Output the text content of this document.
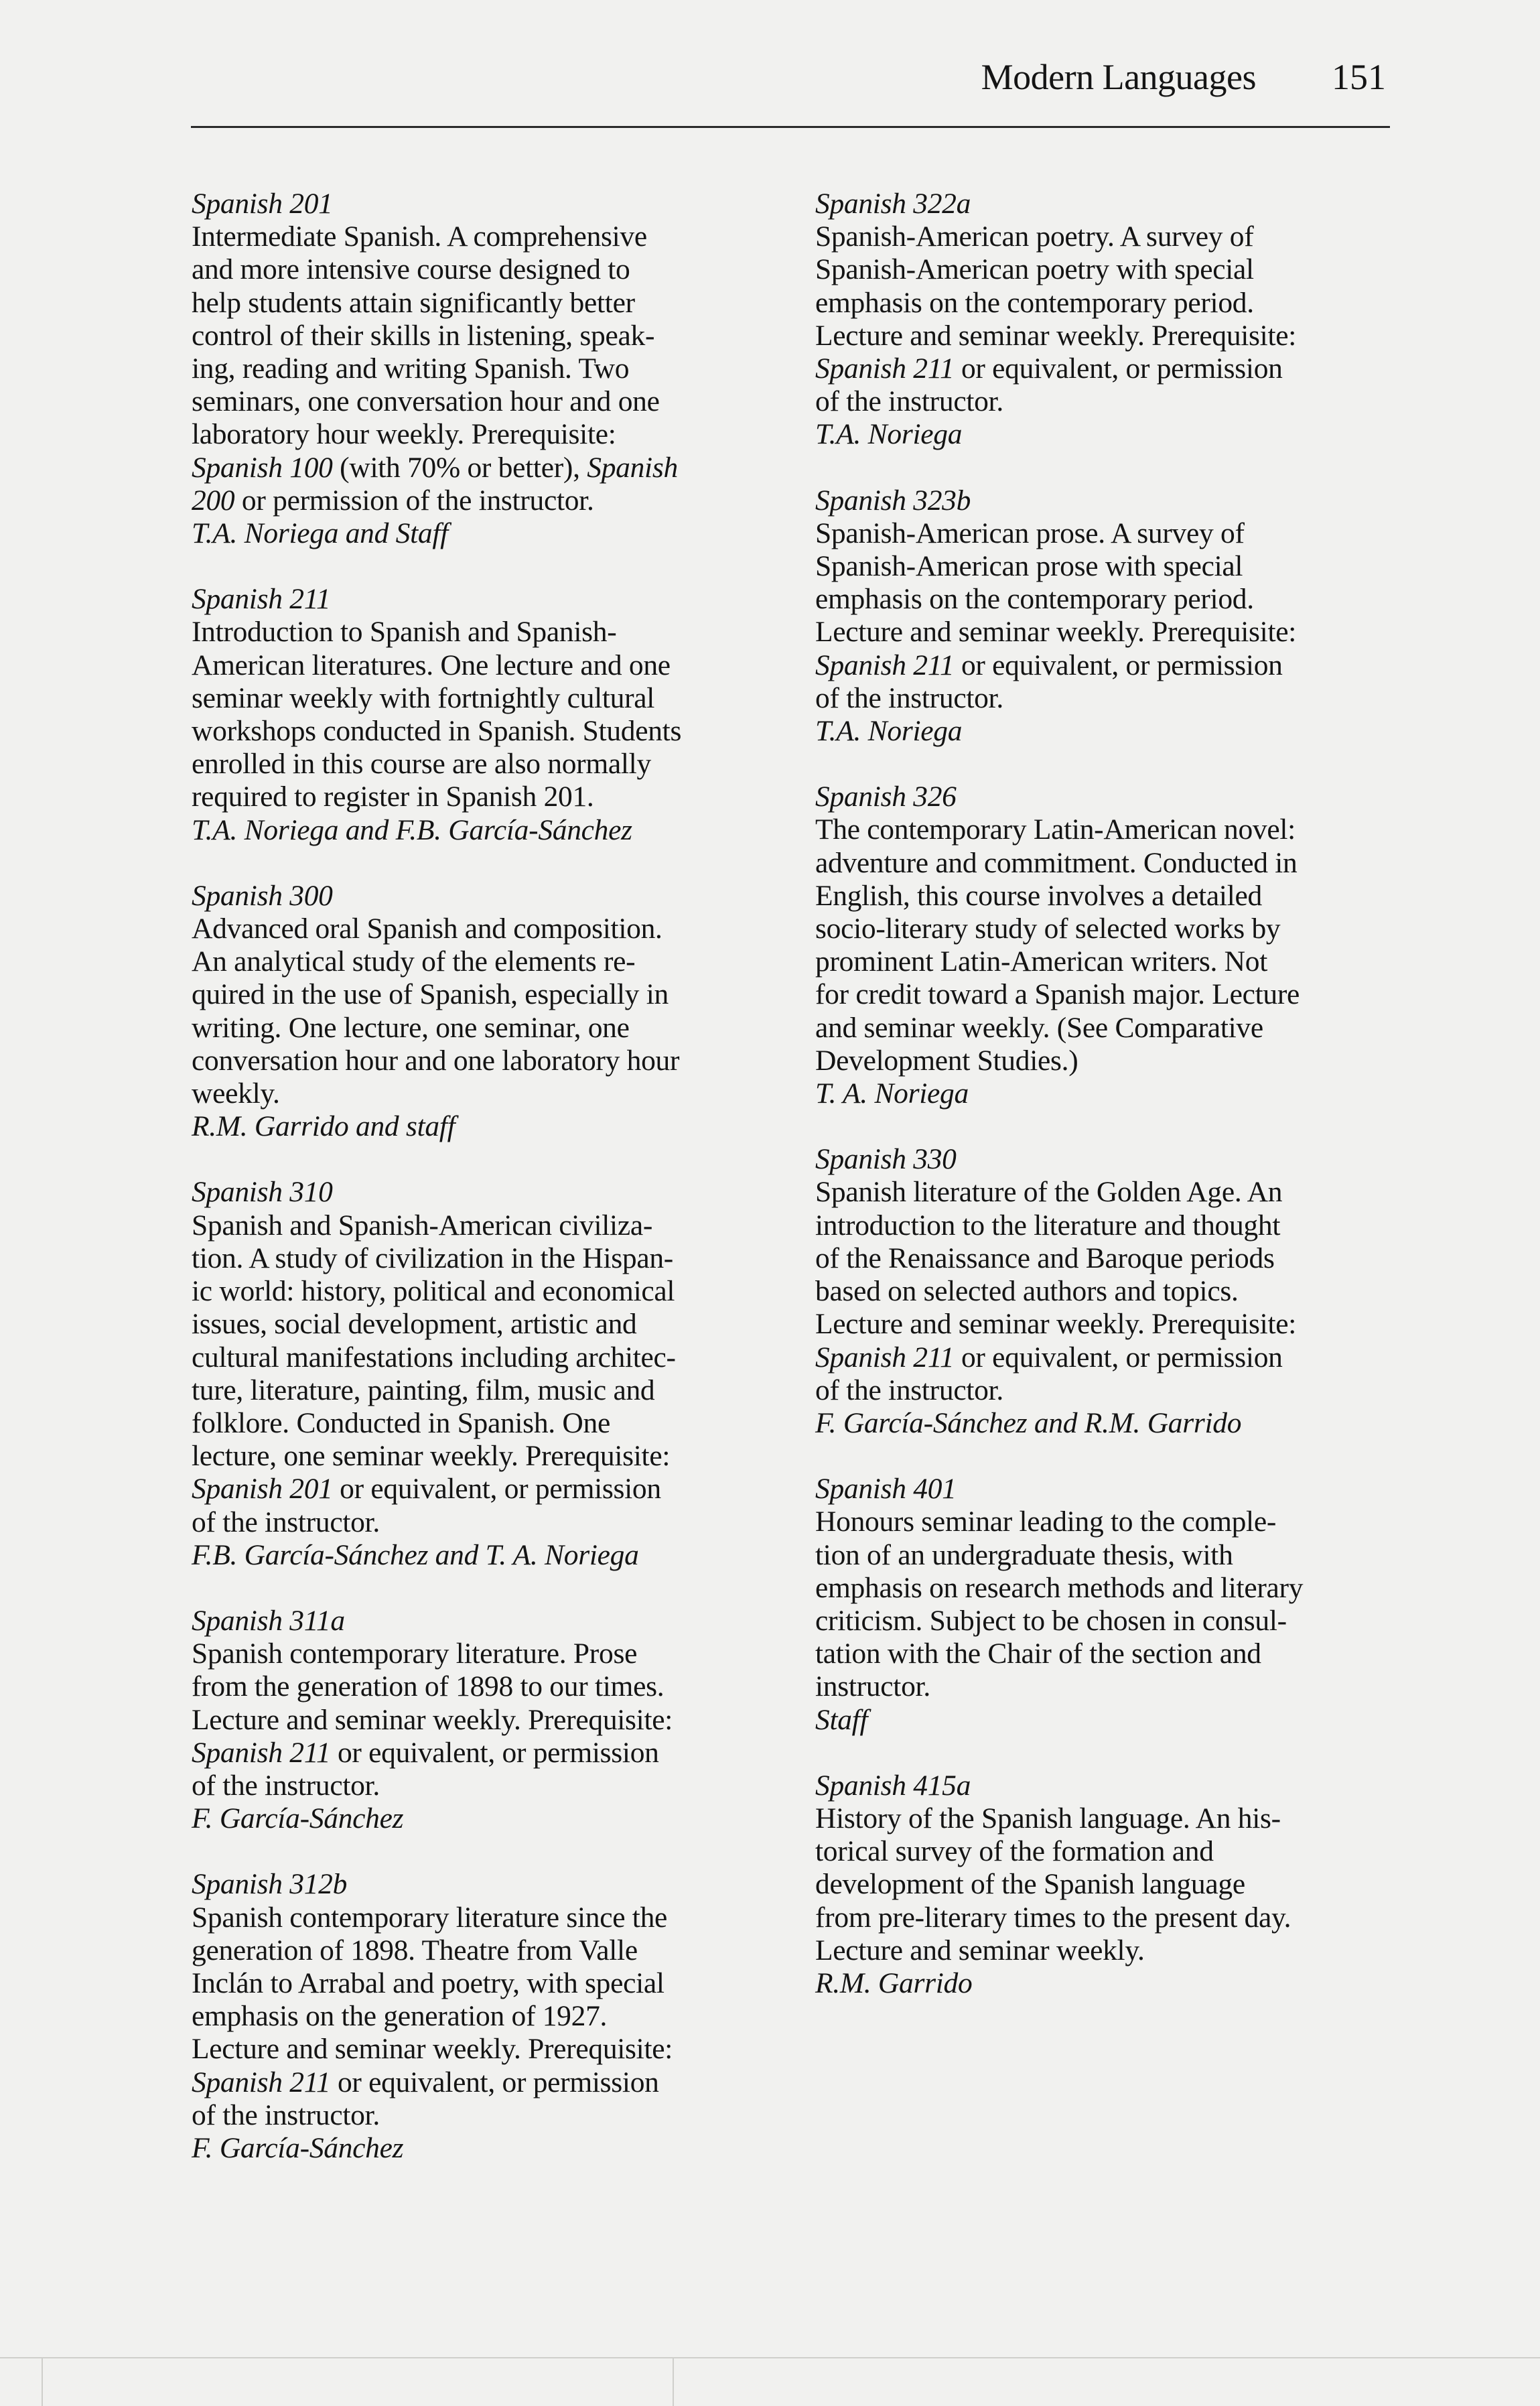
Modern Languages 151
Spanish 201
Intermediate Spanish. A comprehensive
and more intensive course designed to
help students attain significantly better
control of their skills in listening, speak-
ing, reading and writing Spanish. Two
seminars, one conversation hour and one
laboratory hour weekly. Prerequisite:
Spanish 100 (with 70% or better), Spanish
200 or permission of the instructor.
T.A. Noriega and Staff
Spanish 211
Introduction to Spanish and Spanish-
American literatures. One lecture and one
seminar weekly with fortnightly cultural
workshops conducted in Spanish. Students
enrolled in this course are also normally
required to register in Spanish 201.
T.A. Noriega and F.B. García-Sánchez
Spanish 300
Advanced oral Spanish and composition.
An analytical study of the elements re-
quired in the use of Spanish, especially in
writing. One lecture, one seminar, one
conversation hour and one laboratory hour
weekly.
R.M. Garrido and staff
Spanish 310
Spanish and Spanish-American civiliza-
tion. A study of civilization in the Hispan-
ic world: history, political and economical
issues, social development, artistic and
cultural manifestations including architec-
ture, literature, painting, film, music and
folklore. Conducted in Spanish. One
lecture, one seminar weekly. Prerequisite:
Spanish 201 or equivalent, or permission
of the instructor.
F.B. García-Sánchez and T. A. Noriega
Spanish 311a
Spanish contemporary literature. Prose
from the generation of 1898 to our times.
Lecture and seminar weekly. Prerequisite:
Spanish 211 or equivalent, or permission
of the instructor.
F. García-Sánchez
Spanish 312b
Spanish contemporary literature since the
generation of 1898. Theatre from Valle
Inclán to Arrabal and poetry, with special
emphasis on the generation of 1927.
Lecture and seminar weekly. Prerequisite:
Spanish 211 or equivalent, or permission
of the instructor.
F. García-Sánchez
Spanish 322a
Spanish-American poetry. A survey of
Spanish-American poetry with special
emphasis on the contemporary period.
Lecture and seminar weekly. Prerequisite:
Spanish 211 or equivalent, or permission
of the instructor.
T.A. Noriega
Spanish 323b
Spanish-American prose. A survey of
Spanish-American prose with special
emphasis on the contemporary period.
Lecture and seminar weekly. Prerequisite:
Spanish 211 or equivalent, or permission
of the instructor.
T.A. Noriega
Spanish 326
The contemporary Latin-American novel:
adventure and commitment. Conducted in
English, this course involves a detailed
socio-literary study of selected works by
prominent Latin-American writers. Not
for credit toward a Spanish major. Lecture
and seminar weekly. (See Comparative
Development Studies.)
T. A. Noriega
Spanish 330
Spanish literature of the Golden Age. An
introduction to the literature and thought
of the Renaissance and Baroque periods
based on selected authors and topics.
Lecture and seminar weekly. Prerequisite:
Spanish 211 or equivalent, or permission
of the instructor.
F. García-Sánchez and R.M. Garrido
Spanish 401
Honours seminar leading to the comple-
tion of an undergraduate thesis, with
emphasis on research methods and literary
criticism. Subject to be chosen in consul-
tation with the Chair of the section and
instructor.
Staff
Spanish 415a
History of the Spanish language. An his-
torical survey of the formation and
development of the Spanish language
from pre-literary times to the present day.
Lecture and seminar weekly.
R.M. Garrido
